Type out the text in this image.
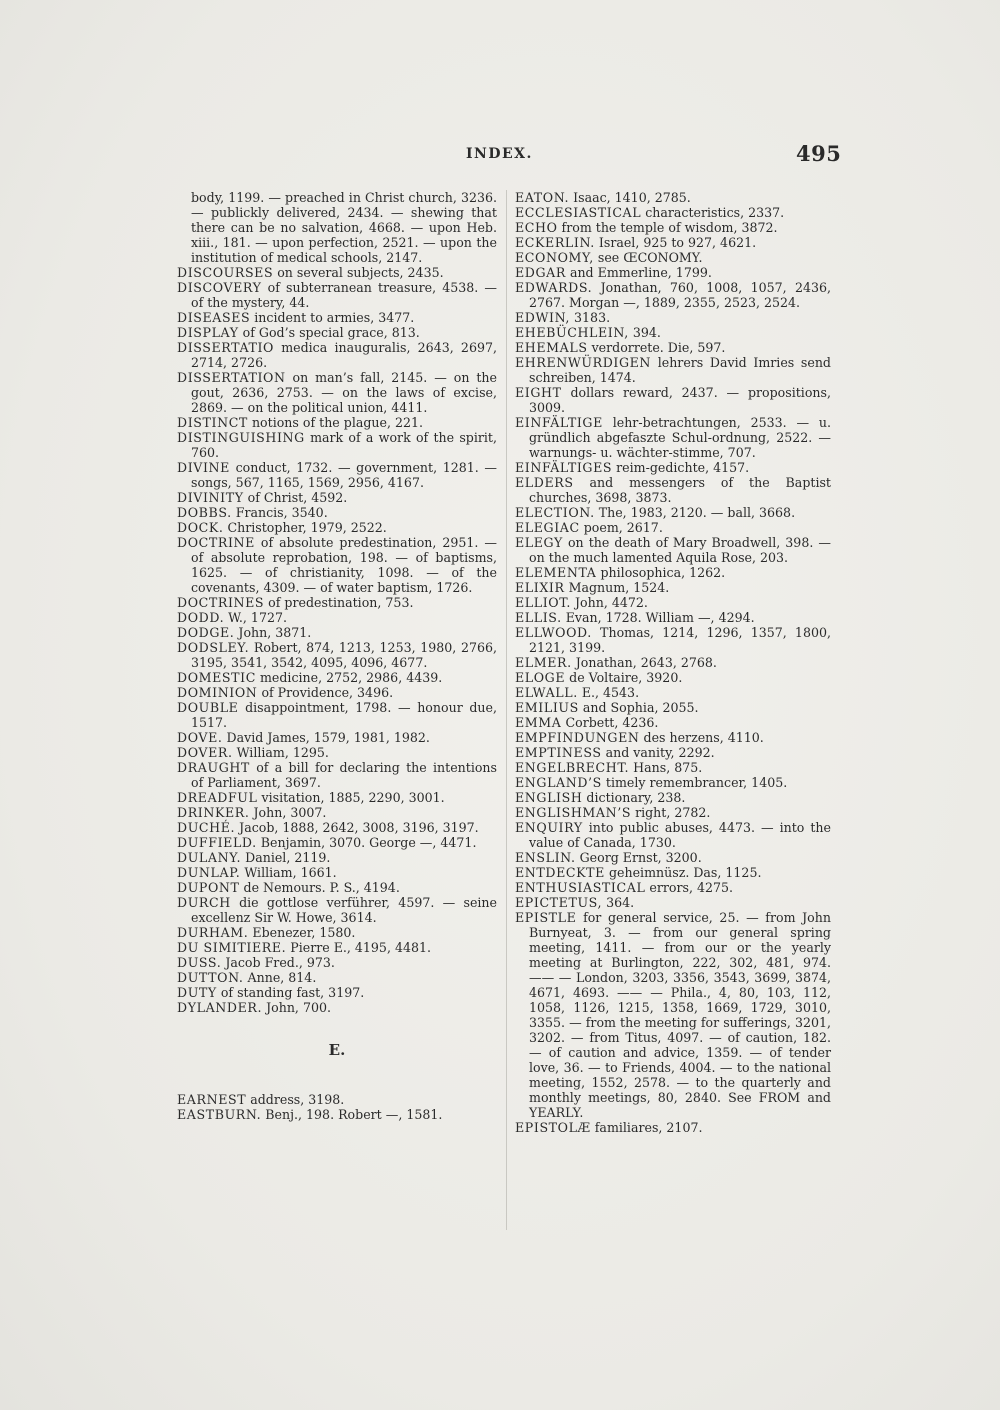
INDEX.	495

body, 1199. — preached in Christ church, 3236. — publickly delivered, 2434. — shewing that there can be no salvation, 4668. — upon Heb. xiii., 181. — upon perfection, 2521. — upon the institution of medical schools, 2147.

DISCOURSES on several subjects, 2435.

DISCOVERY of subterranean treasure, 4538. — of the mystery, 44.

DISEASES incident to armies, 3477.

DISPLAY of God’s special grace, 813.

DISSERTATIO medica inauguralis, 2643, 2697, 2714, 2726.

DISSERTATION on man’s fall, 2145. — on the gout, 2636, 2753. — on the laws of excise, 2869. — on the political union, 4411.

DISTINCT notions of the plague, 221.

DISTINGUISHING mark of a work of the spirit, 760.

DIVINE conduct, 1732. — government, 1281. — songs, 567, 1165, 1569, 2956, 4167.

DIVINITY of Christ, 4592.

DOBBS. Francis, 3540.

DOCK. Christopher, 1979, 2522.

DOCTRINE of absolute predestination, 2951. — of absolute reprobation, 198. — of baptisms, 1625. — of christianity, 1098. — of the covenants, 4309. — of water baptism, 1726.

DOCTRINES of predestination, 753.

DODD. W., 1727.

DODGE. John, 3871.

DODSLEY. Robert, 874, 1213, 1253, 1980, 2766, 3195, 3541, 3542, 4095, 4096, 4677.

DOMESTIC medicine, 2752, 2986, 4439.

DOMINION of Providence, 3496.

DOUBLE disappointment, 1798. — honour due, 1517.

DOVE. David James, 1579, 1981, 1982.

DOVER. William, 1295.

DRAUGHT of a bill for declaring the intentions of Parliament, 3697.

DREADFUL visitation, 1885, 2290, 3001.

DRINKER. John, 3007.

DUCHÉ. Jacob, 1888, 2642, 3008, 3196, 3197.

DUFFIELD. Benjamin, 3070. George —, 4471.

DULANY. Daniel, 2119.

DUNLAP. William, 1661.

DUPONT de Nemours. P. S., 4194.

DURCH die gottlose verführer, 4597. — seine excellenz Sir W. Howe, 3614.

DURHAM. Ebenezer, 1580.

DU SIMITIERE. Pierre E., 4195, 4481.

DUSS. Jacob Fred., 973.

DUTTON. Anne, 814.

DUTY of standing fast, 3197.

DYLANDER. John, 700.

E.

EARNEST address, 3198.

EASTBURN. Benj., 198. Robert —, 1581.

EATON. Isaac, 1410, 2785.

ECCLESIASTICAL characteristics, 2337.

ECHO from the temple of wisdom, 3872.

ECKERLIN. Israel, 925 to 927, 4621.

ECONOMY, see ŒCONOMY.

EDGAR and Emmerline, 1799.

EDWARDS. Jonathan, 760, 1008, 1057, 2436, 2767. Morgan —, 1889, 2355, 2523, 2524.

EDWIN, 3183.

EHEBÜCHLEIN, 394.

EHEMALS verdorrete. Die, 597.

EHRENWÜRDIGEN lehrers David Imries send schreiben, 1474.

EIGHT dollars reward, 2437. — propositions, 3009.

EINFÄLTIGE lehr-betrachtungen, 2533. — u. gründlich abgefaszte Schul-ordnung, 2522. — warnungs- u. wächter-stimme, 707.

EINFÄLTIGES reim-gedichte, 4157.

ELDERS and messengers of the Baptist churches, 3698, 3873.

ELECTION. The, 1983, 2120. — ball, 3668.

ELEGIAC poem, 2617.

ELEGY on the death of Mary Broadwell, 398. — on the much lamented Aquila Rose, 203.

ELEMENTA philosophica, 1262.

ELIXIR Magnum, 1524.

ELLIOT. John, 4472.

ELLIS. Evan, 1728. William —, 4294.

ELLWOOD. Thomas, 1214, 1296, 1357, 1800, 2121, 3199.

ELMER. Jonathan, 2643, 2768.

ELOGE de Voltaire, 3920.

ELWALL. E., 4543.

EMILIUS and Sophia, 2055.

EMMA Corbett, 4236.

EMPFINDUNGEN des herzens, 4110.

EMPTINESS and vanity, 2292.

ENGELBRECHT. Hans, 875.

ENGLAND’S timely remembrancer, 1405.

ENGLISH dictionary, 238.

ENGLISHMAN’S right, 2782.

ENQUIRY into public abuses, 4473. — into the value of Canada, 1730.

ENSLIN. Georg Ernst, 3200.

ENTDECKTE geheimnüsz. Das, 1125.

ENTHUSIASTICAL errors, 4275.

EPICTETUS, 364.

EPISTLE for general service, 25. — from John Burnyeat, 3. — from our general spring meeting, 1411. — from our or the yearly meeting at Burlington, 222, 302, 481, 974. —— — London, 3203, 3356, 3543, 3699, 3874, 4671, 4693. —— — Phila., 4, 80, 103, 112, 1058, 1126, 1215, 1358, 1669, 1729, 3010, 3355. — from the meeting for sufferings, 3201, 3202. — from Titus, 4097. — of caution, 182. — of caution and advice, 1359. — of tender love, 36. — to Friends, 4004. — to the national meeting, 1552, 2578. — to the quarterly and monthly meetings, 80, 2840. See FROM and YEARLY.

EPISTOLÆ familiares, 2107.
